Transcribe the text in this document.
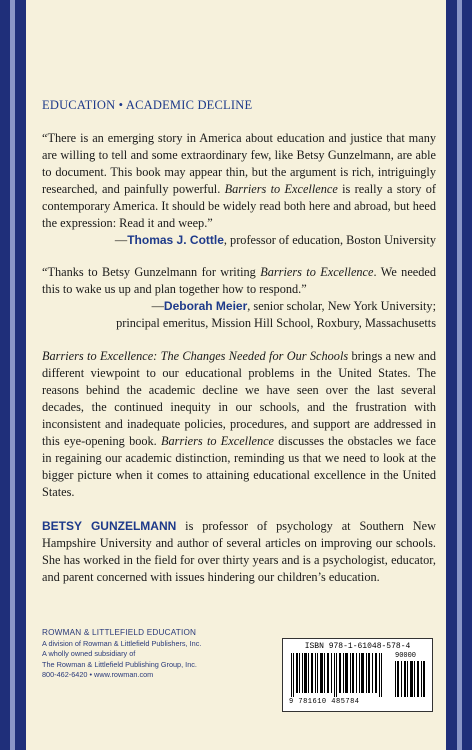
EDUCATION • ACADEMIC DECLINE

“There is an emerging story in America about education and justice that many are willing to tell and some extraordinary few, like Betsy Gunzelmann, are able to document. This book may appear thin, but the argument is rich, intriguingly researched, and painfully powerful. Barriers to Excellence is really a story of contemporary America. It should be widely read both here and abroad, but heed the expression: Read it and weep.”

—Thomas J. Cottle, professor of education, Boston University

“Thanks to Betsy Gunzelmann for writing Barriers to Excellence. We needed this to wake us up and plan together how to respond.”

—Deborah Meier, senior scholar, New York University;
principal emeritus, Mission Hill School, Roxbury, Massachusetts

Barriers to Excellence: The Changes Needed for Our Schools brings a new and different viewpoint to our educational problems in the United States. The reasons behind the academic decline we have seen over the last several decades, the continued inequity in our schools, and the frustration with inconsistent and inadequate policies, procedures, and support are addressed in this eye-opening book. Barriers to Excellence discusses the obstacles we face in regaining our academic distinction, reminding us that we need to look at the bigger picture when it comes to attaining educational excellence in the United States.

BETSY GUNZELMANN is professor of psychology at Southern New Hampshire University and author of several articles on improving our schools. She has worked in the field for over thirty years and is a psychologist, educator, and parent concerned with issues hindering our children’s education.

ROWMAN & LITTLEFIELD EDUCATION
A division of Rowman & Littlefield Publishers, Inc.
A wholly owned subsidiary of
The Rowman & Littlefield Publishing Group, Inc.
800-462-6420 • www.rowman.com
ISBN 978-1-61048-578-4
9 781610 485784
90000
